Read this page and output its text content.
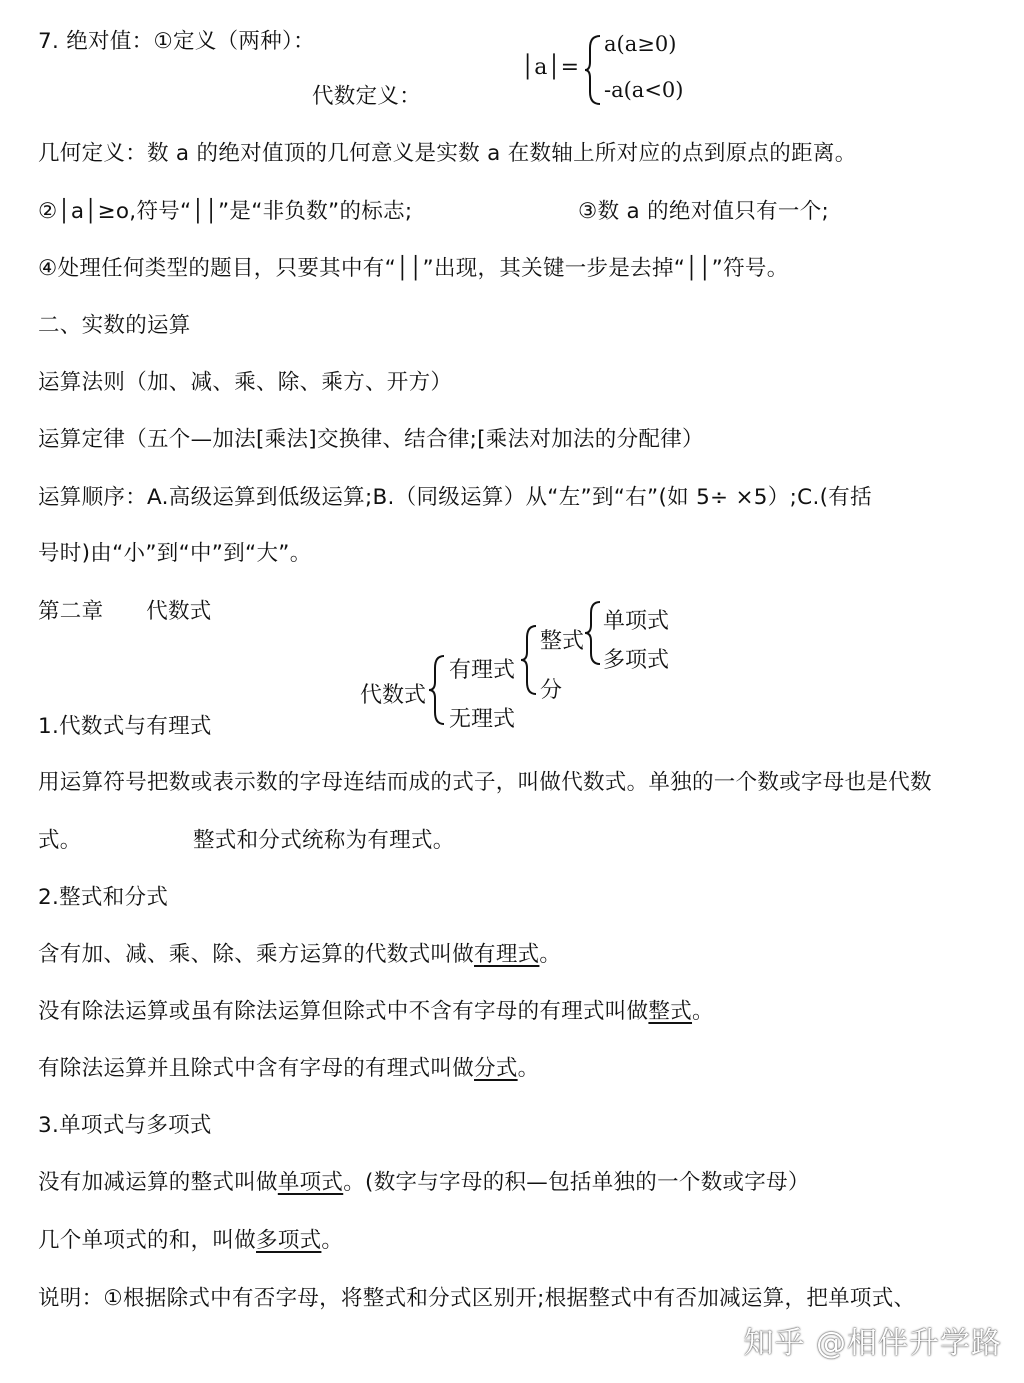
7. 绝对值：①定义（两种）：
代数定义：
│a│=
a(a≥0)
-a(a<0)
几何定义：数 a 的绝对值顶的几何意义是实数 a 在数轴上所对应的点到原点的距离。
②│a│≥o,符号“││”是“非负数”的标志;	③数 a 的绝对值只有一个;
④处理任何类型的题目，只要其中有“││”出现，其关键一步是去掉“││”符号。
二、实数的运算
运算法则（加、减、乘、除、乘方、开方）
运算定律（五个—加法[乘法]交换律、结合律;[乘法对加法的分配律）
运算顺序：A.高级运算到低级运算;B.（同级运算）从“左”到“右”(如 5÷ ×5）;C.(有括
号时)由“小”到“中”到“大”。
第二章      代数式
代数式
有理式
无理式
整式
分
单项式
多项式
1.代数式与有理式
用运算符号把数或表示数的字母连结而成的式子，叫做代数式。单独的一个数或字母也是代数
式。	整式和分式统称为有理式。
2.整式和分式
含有加、减、乘、除、乘方运算的代数式叫做有理式。
没有除法运算或虽有除法运算但除式中不含有字母的有理式叫做整式。
有除法运算并且除式中含有字母的有理式叫做分式。
3.单项式与多项式
没有加减运算的整式叫做单项式。(数字与字母的积—包括单独的一个数或字母）
几个单项式的和，叫做多项式。
说明：①根据除式中有否字母，将整式和分式区别开;根据整式中有否加减运算，把单项式、
知乎 @相伴升学路
